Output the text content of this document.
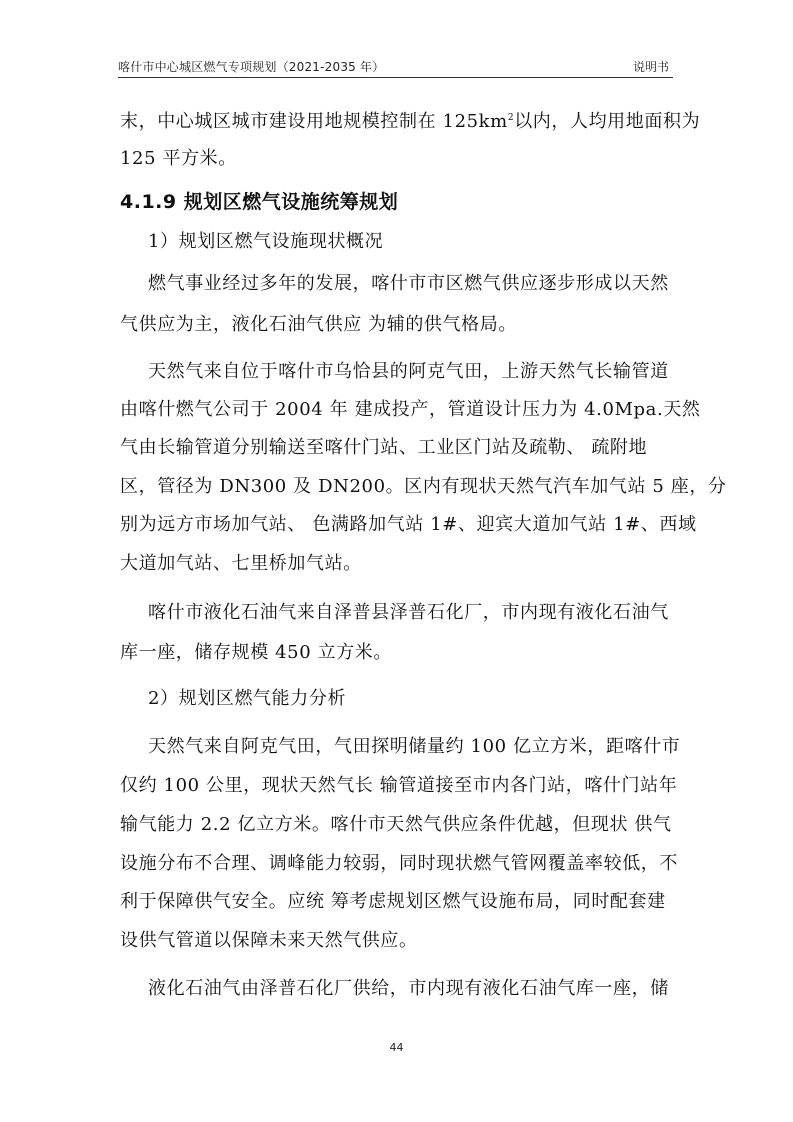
喀什市中心城区燃气专项规划（2021-2035 年）	说明书
末，中心城区城市建设用地规模控制在 $125km^2$以内，人均用地面积为
125 平方米。
4.1.9 规划区燃气设施统筹规划
1）规划区燃气设施现状概况
燃气事业经过多年的发展，喀什市市区燃气供应逐步形成以天然
气供应为主，液化石油气供应 为辅的供气格局。
天然气来自位于喀什市乌恰县的阿克气田，上游天然气长输管道
由喀什燃气公司于 2004 年 建成投产，管道设计压力为 4.0Mpa.天然
气由长输管道分别输送至喀什门站、工业区门站及疏勒、 疏附地
区，管径为 DN300 及 DN200。区内有现状天然气汽车加气站 5 座，分
别为远方市场加气站、 色满路加气站 1#、迎宾大道加气站 1#、西域
大道加气站、七里桥加气站。
喀什市液化石油气来自泽普县泽普石化厂，市内现有液化石油气
库一座，储存规模 450 立方米。
2）规划区燃气能力分析
天然气来自阿克气田，气田探明储量约 100 亿立方米，距喀什市
仅约 100 公里，现状天然气长 输管道接至市内各门站，喀什门站年
输气能力 2.2 亿立方米。喀什市天然气供应条件优越，但现状 供气
设施分布不合理、调峰能力较弱，同时现状燃气管网覆盖率较低，不
利于保障供气安全。应统 筹考虑规划区燃气设施布局，同时配套建
设供气管道以保障未来天然气供应。
液化石油气由泽普石化厂供给，市内现有液化石油气库一座，储
44
